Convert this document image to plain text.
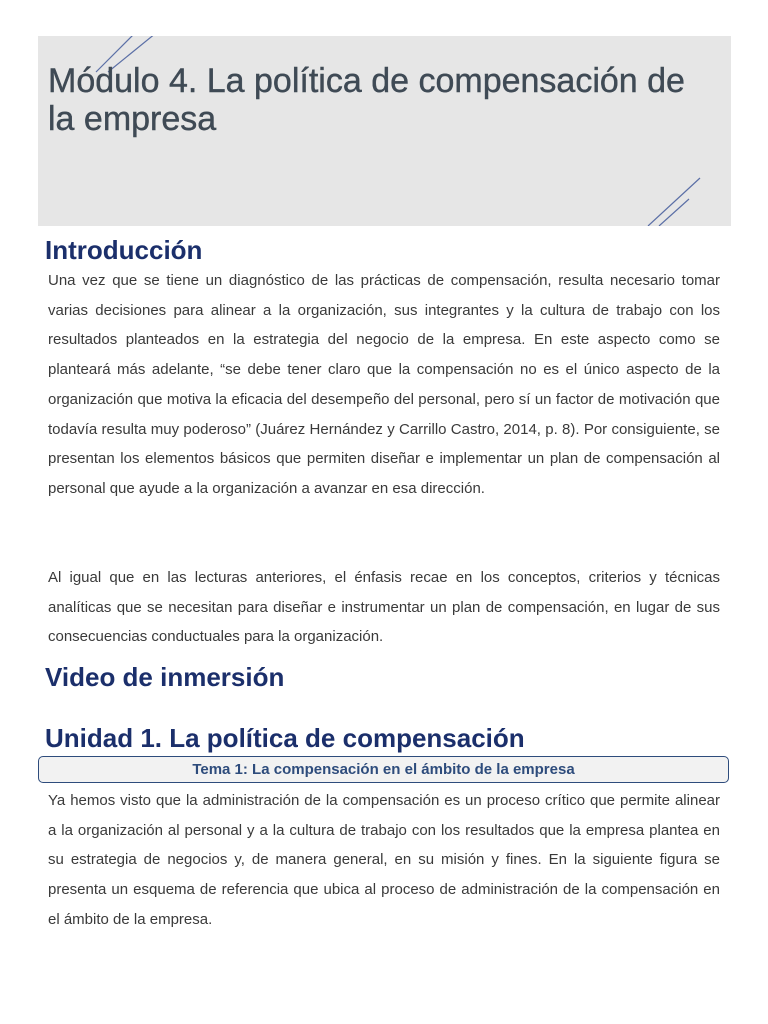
Módulo 4. La política de compensación de la empresa
Introducción

Una vez que se tiene un diagnóstico de las prácticas de compensación, resulta necesario tomar varias decisiones para alinear a la organización, sus integrantes y la cultura de trabajo con los resultados planteados en la estrategia del negocio de la empresa. En este aspecto como se planteará más adelante, “se debe tener claro que la compensación no es el único aspecto de la organización que motiva la eficacia del desempeño del personal, pero sí un factor de motivación que todavía resulta muy poderoso” (Juárez Hernández y Carrillo Castro, 2014, p. 8). Por consiguiente, se presentan los elementos básicos que permiten diseñar e implementar un plan de compensación al personal que ayude a la organización a avanzar en esa dirección.

Al igual que en las lecturas anteriores, el énfasis recae en los conceptos, criterios y técnicas analíticas que se necesitan para diseñar e instrumentar un plan de compensación, en lugar de sus consecuencias conductuales para la organización.

Video de inmersión
Unidad 1. La política de compensación
Tema 1: La compensación en el ámbito de la empresa

Ya hemos visto que la administración de la compensación es un proceso crítico que permite alinear a la organización al personal y a la cultura de trabajo con los resultados que la empresa plantea en su estrategia de negocios y, de manera general, en su misión y fines. En la siguiente figura se presenta un esquema de referencia que ubica al proceso de administración de la compensación en el ámbito de la empresa.
